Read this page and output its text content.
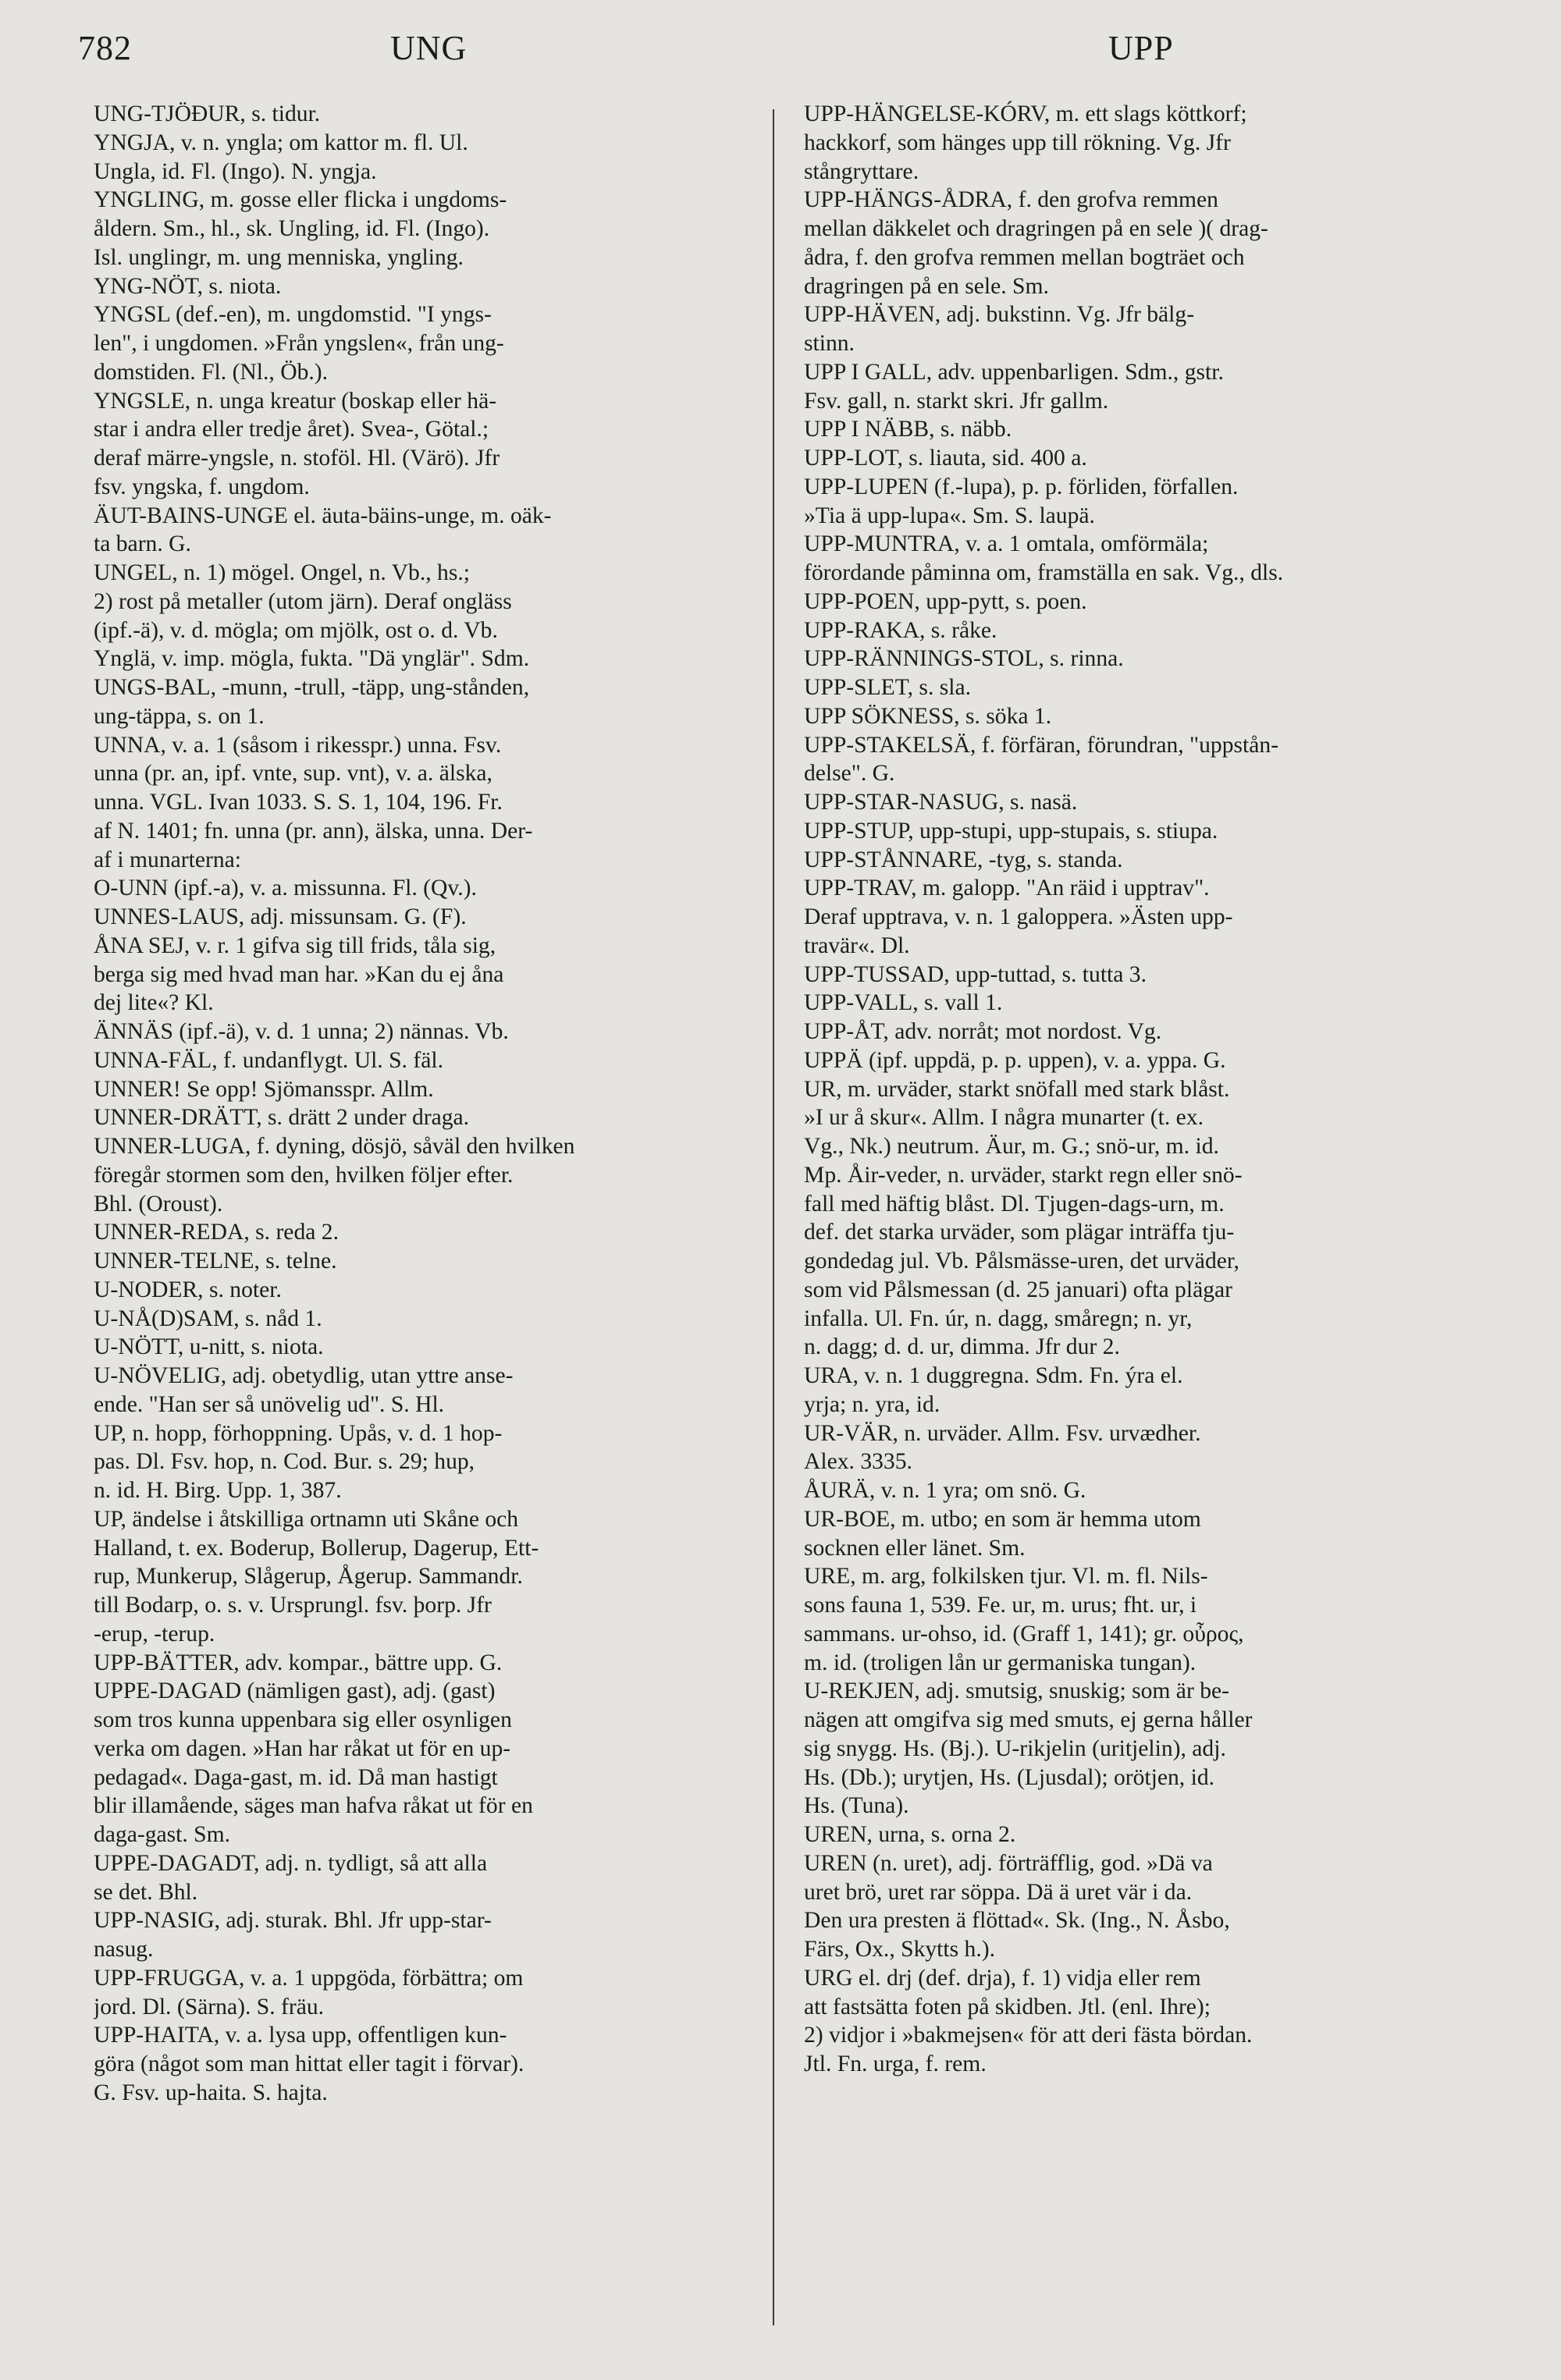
782	UNG	UPP
UNG-TJÖÐUR, s. tidur.
YNGJA, v. n. yngla; om kattor m. fl. Ul.
Ungla, id. Fl. (Ingo). N. yngja.
YNGLING, m. gosse eller flicka i ungdoms-
åldern. Sm., hl., sk. Ungling, id. Fl. (Ingo).
Isl. unglingr, m. ung menniska, yngling.
YNG-NÖT, s. niota.
YNGSL (def.-en), m. ungdomstid. "I yngs-
len", i ungdomen. »Från yngslen«, från ung-
domstiden. Fl. (Nl., Öb.).
YNGSLE, n. unga kreatur (boskap eller hä-
star i andra eller tredje året). Svea-, Götal.;
deraf märre-yngsle, n. stoföl. Hl. (Värö). Jfr
fsv. yngska, f. ungdom.
ÄUT-BAINS-UNGE el. äuta-bäins-unge, m. oäk-
ta barn. G.
UNGEL, n. 1) mögel. Ongel, n. Vb., hs.;
2) rost på metaller (utom järn). Deraf ongläss
(ipf.-ä), v. d. mögla; om mjölk, ost o. d. Vb.
Ynglä, v. imp. mögla, fukta. "Dä ynglär". Sdm.
UNGS-BAL, -munn, -trull, -täpp, ung-stånden,
ung-täppa, s. on 1.
UNNA, v. a. 1 (såsom i rikesspr.) unna. Fsv.
unna (pr. an, ipf. vnte, sup. vnt), v. a. älska,
unna. VGL. Ivan 1033. S. S. 1, 104, 196. Fr.
af N. 1401; fn. unna (pr. ann), älska, unna. Der-
af i munarterna:
O-UNN (ipf.-a), v. a. missunna. Fl. (Qv.).
UNNES-LAUS, adj. missunsam. G. (F).
ÅNA SEJ, v. r. 1 gifva sig till frids, tåla sig,
berga sig med hvad man har. »Kan du ej åna
dej lite«? Kl.
ÄNNÄS (ipf.-ä), v. d. 1 unna; 2) nännas. Vb.
UNNA-FÄL, f. undanflygt. Ul. S. fäl.
UNNER! Se opp! Sjömansspr. Allm.
UNNER-DRÄTT, s. drätt 2 under draga.
UNNER-LUGA, f. dyning, dösjö, såväl den hvilken
föregår stormen som den, hvilken följer efter.
Bhl. (Oroust).
UNNER-REDA, s. reda 2.
UNNER-TELNE, s. telne.
U-NODER, s. noter.
U-NÅ(D)SAM, s. nåd 1.
U-NÖTT, u-nitt, s. niota.
U-NÖVELIG, adj. obetydlig, utan yttre anse-
ende. "Han ser så unövelig ud". S. Hl.
UP, n. hopp, förhoppning. Upås, v. d. 1 hop-
pas. Dl. Fsv. hop, n. Cod. Bur. s. 29; hup,
n. id. H. Birg. Upp. 1, 387.
UP, ändelse i åtskilliga ortnamn uti Skåne och
Halland, t. ex. Boderup, Bollerup, Dagerup, Ett-
rup, Munkerup, Slågerup, Ågerup. Sammandr.
till Bodarp, o. s. v. Ursprungl. fsv. þorp. Jfr
-erup, -terup.
UPP-BÄTTER, adv. kompar., bättre upp. G.
UPPE-DAGAD (nämligen gast), adj. (gast)
som tros kunna uppenbara sig eller osynligen
verka om dagen. »Han har råkat ut för en up-
pedagad«. Daga-gast, m. id. Då man hastigt
blir illamående, säges man hafva råkat ut för en
daga-gast. Sm.
UPPE-DAGADT, adj. n. tydligt, så att alla
se det. Bhl.
UPP-NASIG, adj. sturak. Bhl. Jfr upp-star-
nasug.
UPP-FRUGGA, v. a. 1 uppgöda, förbättra; om
jord. Dl. (Särna). S. fräu.
UPP-HAITA, v. a. lysa upp, offentligen kun-
göra (något som man hittat eller tagit i förvar).
G. Fsv. up-haita. S. hajta.
UPP-HÄNGELSE-KÓRV, m. ett slags köttkorf;
hackkorf, som hänges upp till rökning. Vg. Jfr
stångryttare.
UPP-HÄNGS-ÅDRA, f. den grofva remmen
mellan däkkelet och dragringen på en sele )( drag-
ådra, f. den grofva remmen mellan bogträet och
dragringen på en sele. Sm.
UPP-HÄVEN, adj. bukstinn. Vg. Jfr bälg-
stinn.
UPP I GALL, adv. uppenbarligen. Sdm., gstr.
Fsv. gall, n. starkt skri. Jfr gallm.
UPP I NÄBB, s. näbb.
UPP-LOT, s. liauta, sid. 400 a.
UPP-LUPEN (f.-lupa), p. p. förliden, förfallen.
»Tia ä upp-lupa«. Sm. S. laupä.
UPP-MUNTRA, v. a. 1 omtala, omförmäla;
förordande påminna om, framställa en sak. Vg., dls.
UPP-POEN, upp-pytt, s. poen.
UPP-RAKA, s. råke.
UPP-RÄNNINGS-STOL, s. rinna.
UPP-SLET, s. sla.
UPP SÖKNESS, s. söka 1.
UPP-STAKELSÄ, f. förfäran, förundran, "uppstån-
delse". G.
UPP-STAR-NASUG, s. nasä.
UPP-STUP, upp-stupi, upp-stupais, s. stiupa.
UPP-STÅNNARE, -tyg, s. standa.
UPP-TRAV, m. galopp. "An räid i upptrav".
Deraf upptrava, v. n. 1 galoppera. »Ästen upp-
travär«. Dl.
UPP-TUSSAD, upp-tuttad, s. tutta 3.
UPP-VALL, s. vall 1.
UPP-ÅT, adv. norråt; mot nordost. Vg.
UPPÄ (ipf. uppdä, p. p. uppen), v. a. yppa. G.
UR, m. urväder, starkt snöfall med stark blåst.
»I ur å skur«. Allm. I några munarter (t. ex.
Vg., Nk.) neutrum. Äur, m. G.; snö-ur, m. id.
Mp. Åir-veder, n. urväder, starkt regn eller snö-
fall med häftig blåst. Dl. Tjugen-dags-urn, m.
def. det starka urväder, som plägar inträffa tju-
gondedag jul. Vb. Pålsmässe-uren, det urväder,
som vid Pålsmessan (d. 25 januari) ofta plägar
infalla. Ul. Fn. úr, n. dagg, småregn; n. yr,
n. dagg; d. d. ur, dimma. Jfr dur 2.
URA, v. n. 1 duggregna. Sdm. Fn. ýra el.
yrja; n. yra, id.
UR-VÄR, n. urväder. Allm. Fsv. urvædher.
Alex. 3335.
ÅURÄ, v. n. 1 yra; om snö. G.
UR-BOE, m. utbo; en som är hemma utom
socknen eller länet. Sm.
URE, m. arg, folkilsken tjur. Vl. m. fl. Nils-
sons fauna 1, 539. Fe. ur, m. urus; fht. ur, i
sammans. ur-ohso, id. (Graff 1, 141); gr. οὖρος,
m. id. (troligen lån ur germaniska tungan).
U-REKJEN, adj. smutsig, snuskig; som är be-
nägen att omgifva sig med smuts, ej gerna håller
sig snygg. Hs. (Bj.). U-rikjelin (uritjelin), adj.
Hs. (Db.); urytjen, Hs. (Ljusdal); orötjen, id.
Hs. (Tuna).
UREN, urna, s. orna 2.
UREN (n. uret), adj. förträfflig, god. »Dä va
uret brö, uret rar söppa. Dä ä uret vär i da.
Den ura presten ä flöttad«. Sk. (Ing., N. Åsbo,
Färs, Ox., Skytts h.).
URG el. drj (def. drja), f. 1) vidja eller rem
att fastsätta foten på skidben. Jtl. (enl. Ihre);
2) vidjor i »bakmejsen« för att deri fästa bördan.
Jtl. Fn. urga, f. rem.
